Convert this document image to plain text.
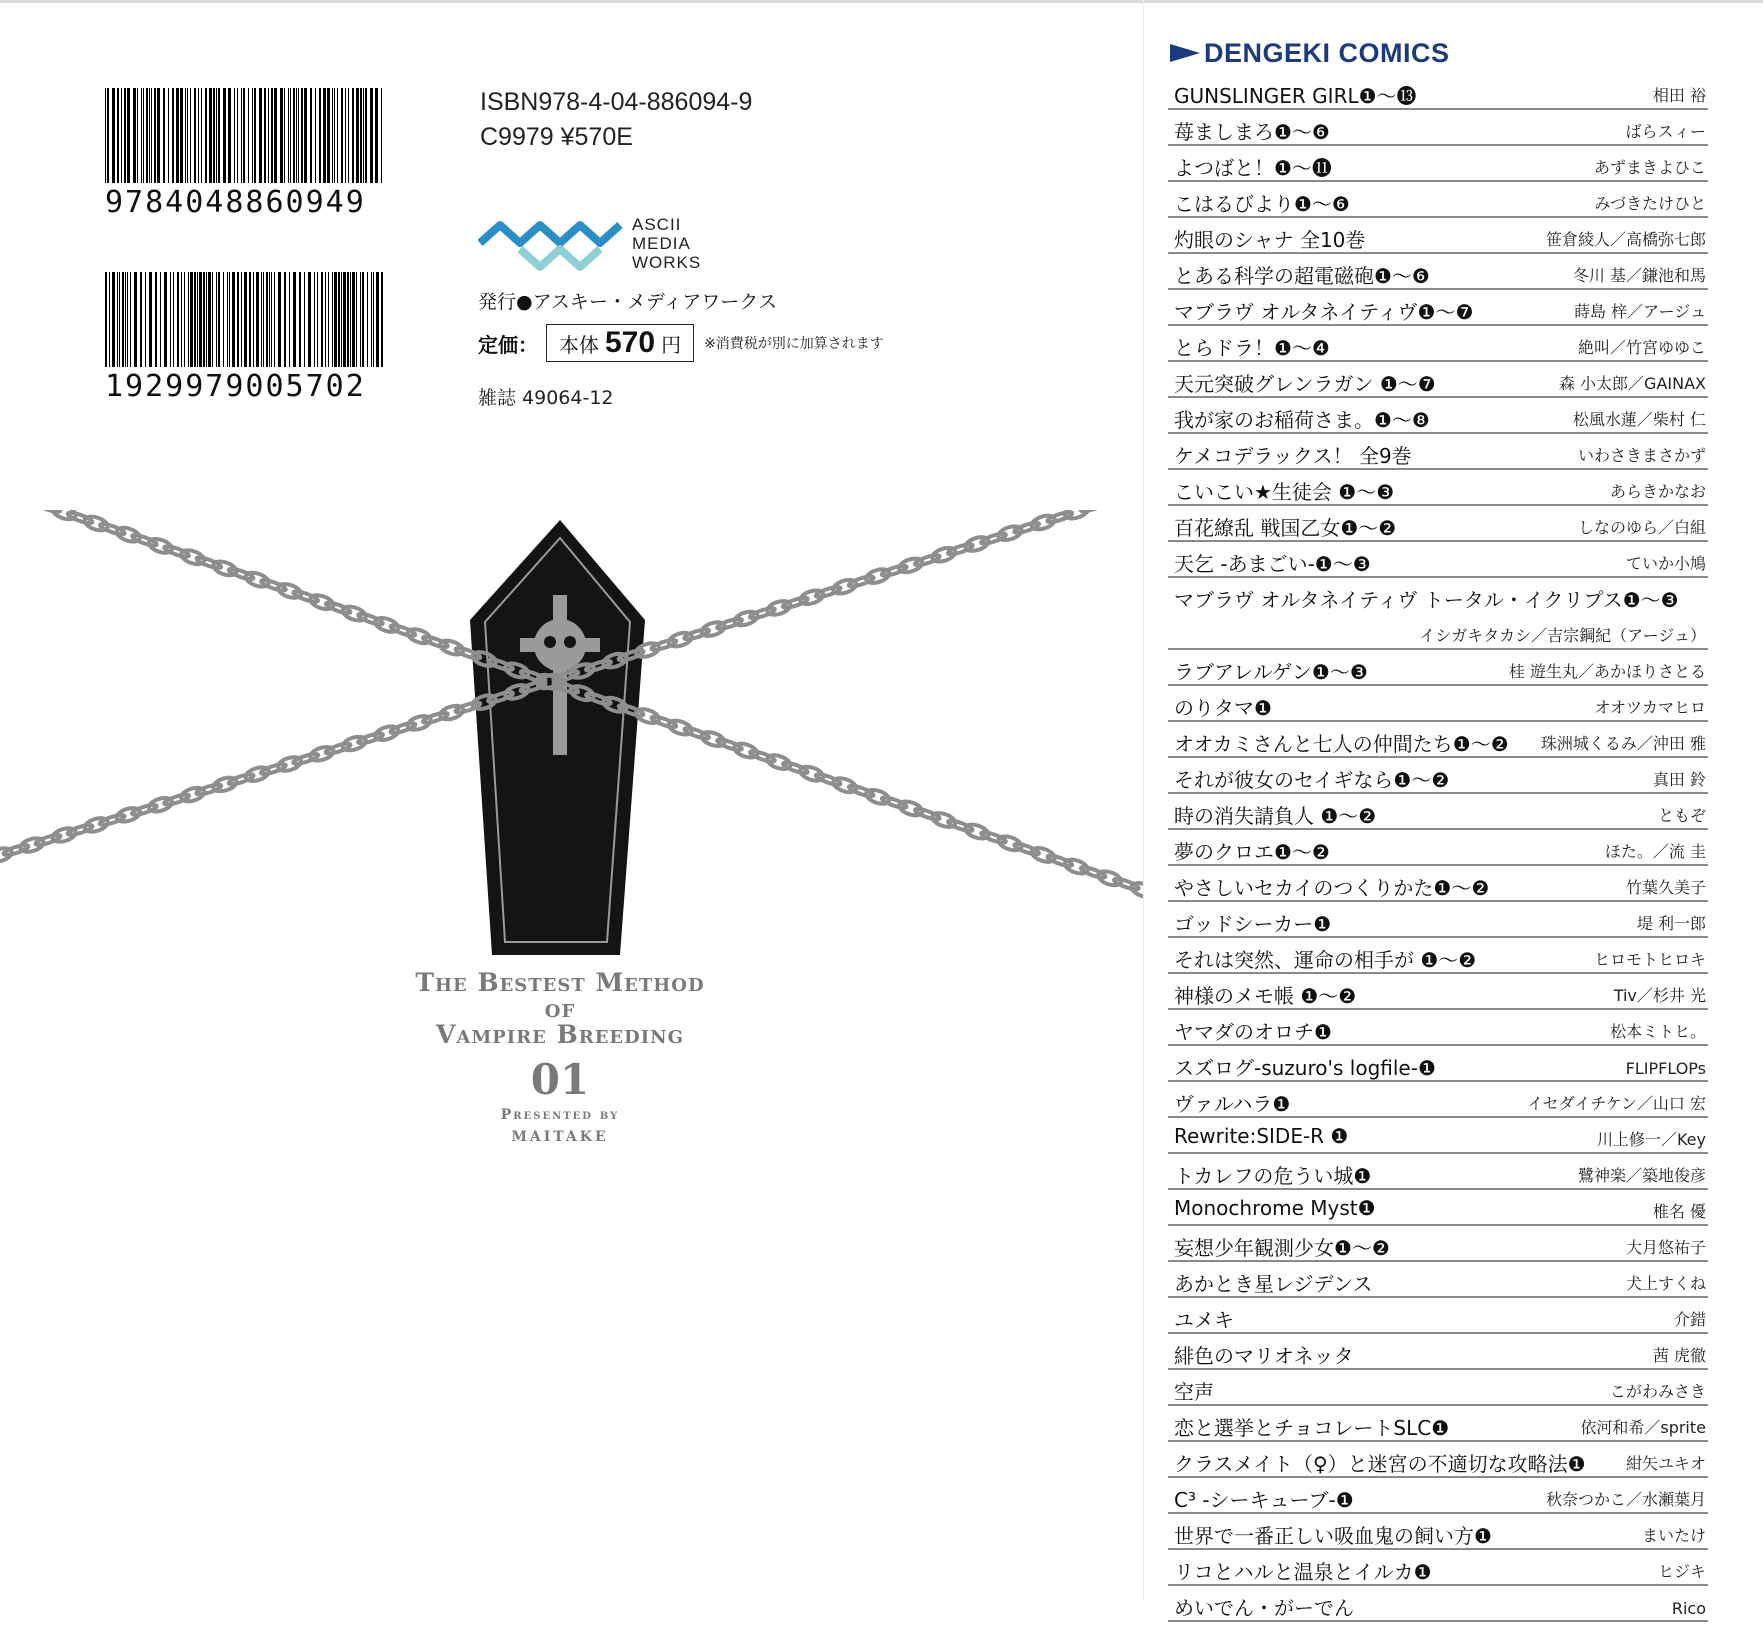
9784048860949
1929979005702
ISBN978-4-04-886094-9
C9979 ¥570E
ASCII
MEDIA
WORKS
発行●アスキー・メディアワークス
定価： 本体 570 円 ※消費税が別に加算されます
雑誌 49064-12
The Bestest Method of
Vampire Breeding
01
Presented by
maitake
DENGEKI COMICS
GUNSLINGER GIRL❶〜⓭	相田 裕
苺ましまろ❶〜❻	ばらスィー
よつばと！❶〜⓫	あずまきよひこ
こはるびより❶〜❻	みづきたけひと
灼眼のシャナ 全10巻	笹倉綾人／高橋弥七郎
とある科学の超電磁砲❶〜❻	冬川 基／鎌池和馬
マブラヴ オルタネイティヴ❶〜❼	蒔島 梓／アージュ
とらドラ！❶〜❹	絶叫／竹宮ゆゆこ
天元突破グレンラガン ❶〜❼	森 小太郎／GAINAX
我が家のお稲荷さま。❶〜❽	松風水蓮／柴村 仁
ケメコデラックス！ 全9巻	いわさきまさかず
こいこい★生徒会 ❶〜❸	あらきかなお
百花繚乱 戦国乙女❶〜❷	しなのゆら／白組
天乞 -あまごい-❶〜❸	ていか小鳩
マブラヴ オルタネイティヴ トータル・イクリプス❶〜❸
イシガキタカシ／吉宗鋼紀（アージュ）
ラブアレルゲン❶〜❸	桂 遊生丸／あかほりさとる
のりタマ❶	オオツカマヒロ
オオカミさんと七人の仲間たち❶〜❷ 珠洲城くるみ／沖田 雅
それが彼女のセイギなら❶〜❷	真田 鈴
時の消失請負人 ❶〜❷	ともぞ
夢のクロエ❶〜❷	ほた。／流 圭
やさしいセカイのつくりかた❶〜❷	竹葉久美子
ゴッドシーカー❶	堤 利一郎
それは突然、運命の相手が ❶〜❷	ヒロモトヒロキ
神様のメモ帳 ❶〜❷	Tiv／杉井 光
ヤマダのオロチ❶	松本ミトヒ。
スズログ-suzuro's logfile-❶	FLIPFLOPs
ヴァルハラ❶	イセダイチケン／山口 宏
Rewrite:SIDE-R ❶	川上修一／Key
トカレフの危うい城❶	鷺神楽／築地俊彦
Monochrome Myst❶	椎名 優
妄想少年観測少女❶〜❷	大月悠祐子
あかとき星レジデンス	犬上すくね
ユメキ	介錯
緋色のマリオネッタ	茜 虎徹
空声	こがわみさき
恋と選挙とチョコレートSLC❶	依河和希／sprite
クラスメイト（♀）と迷宮の不適切な攻略法❶	紺矢ユキオ
C³ -シーキューブ-❶	秋奈つかこ／水瀬葉月
世界で一番正しい吸血鬼の飼い方❶	まいたけ
リコとハルと温泉とイルカ❶	ヒジキ
めいでん・がーでん	Rico
